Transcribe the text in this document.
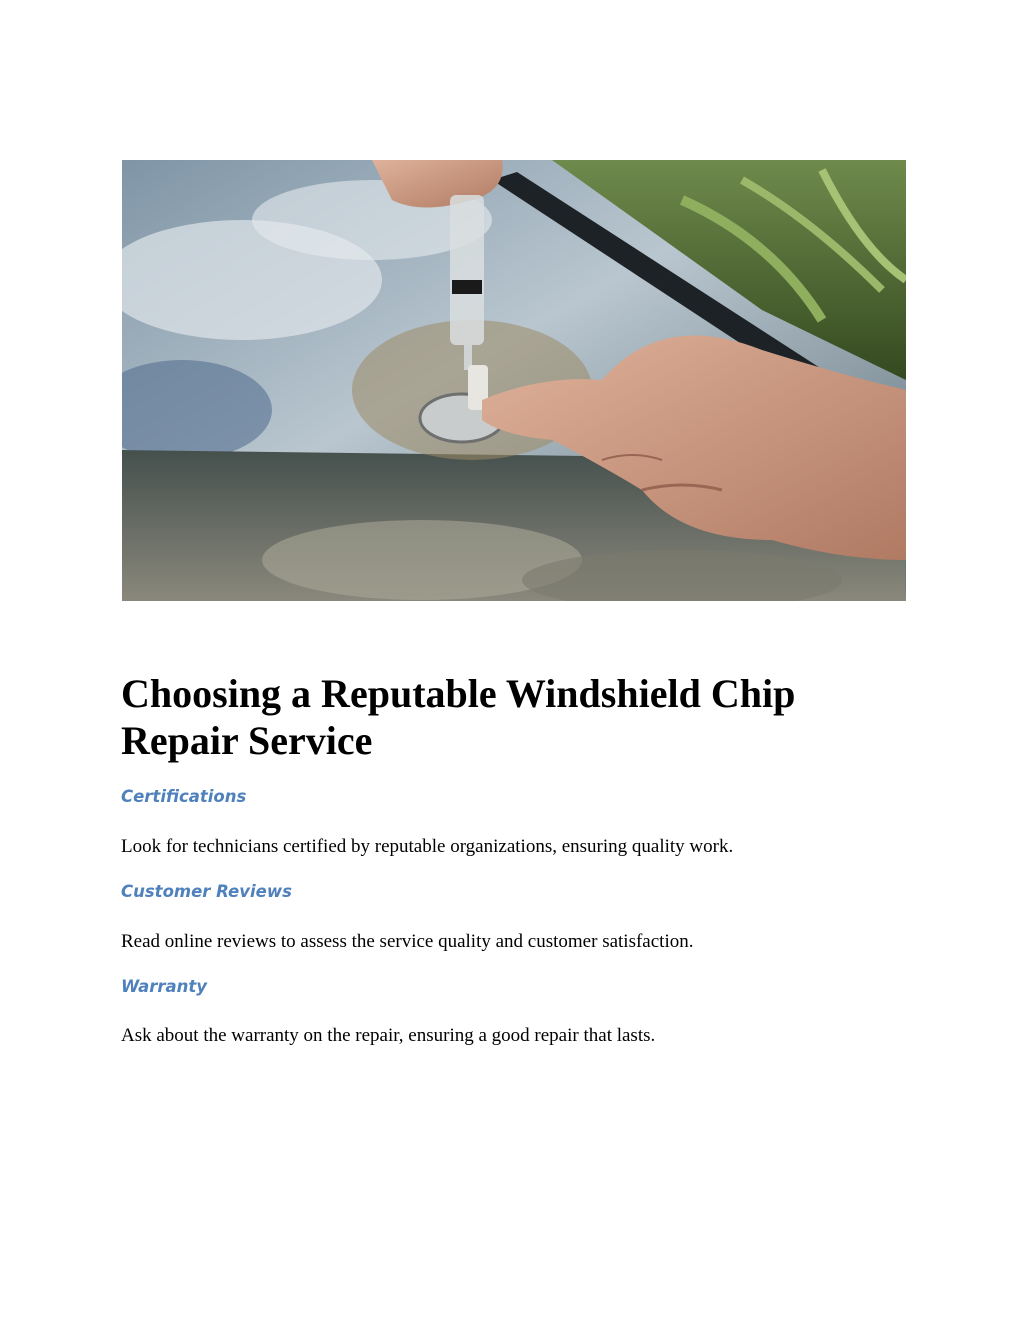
Choosing a Reputable Windshield Chip Repair Service
Certifications

Look for technicians certified by reputable organizations, ensuring quality work.

Customer Reviews

Read online reviews to assess the service quality and customer satisfaction.

Warranty

Ask about the warranty on the repair, ensuring a good repair that lasts.
